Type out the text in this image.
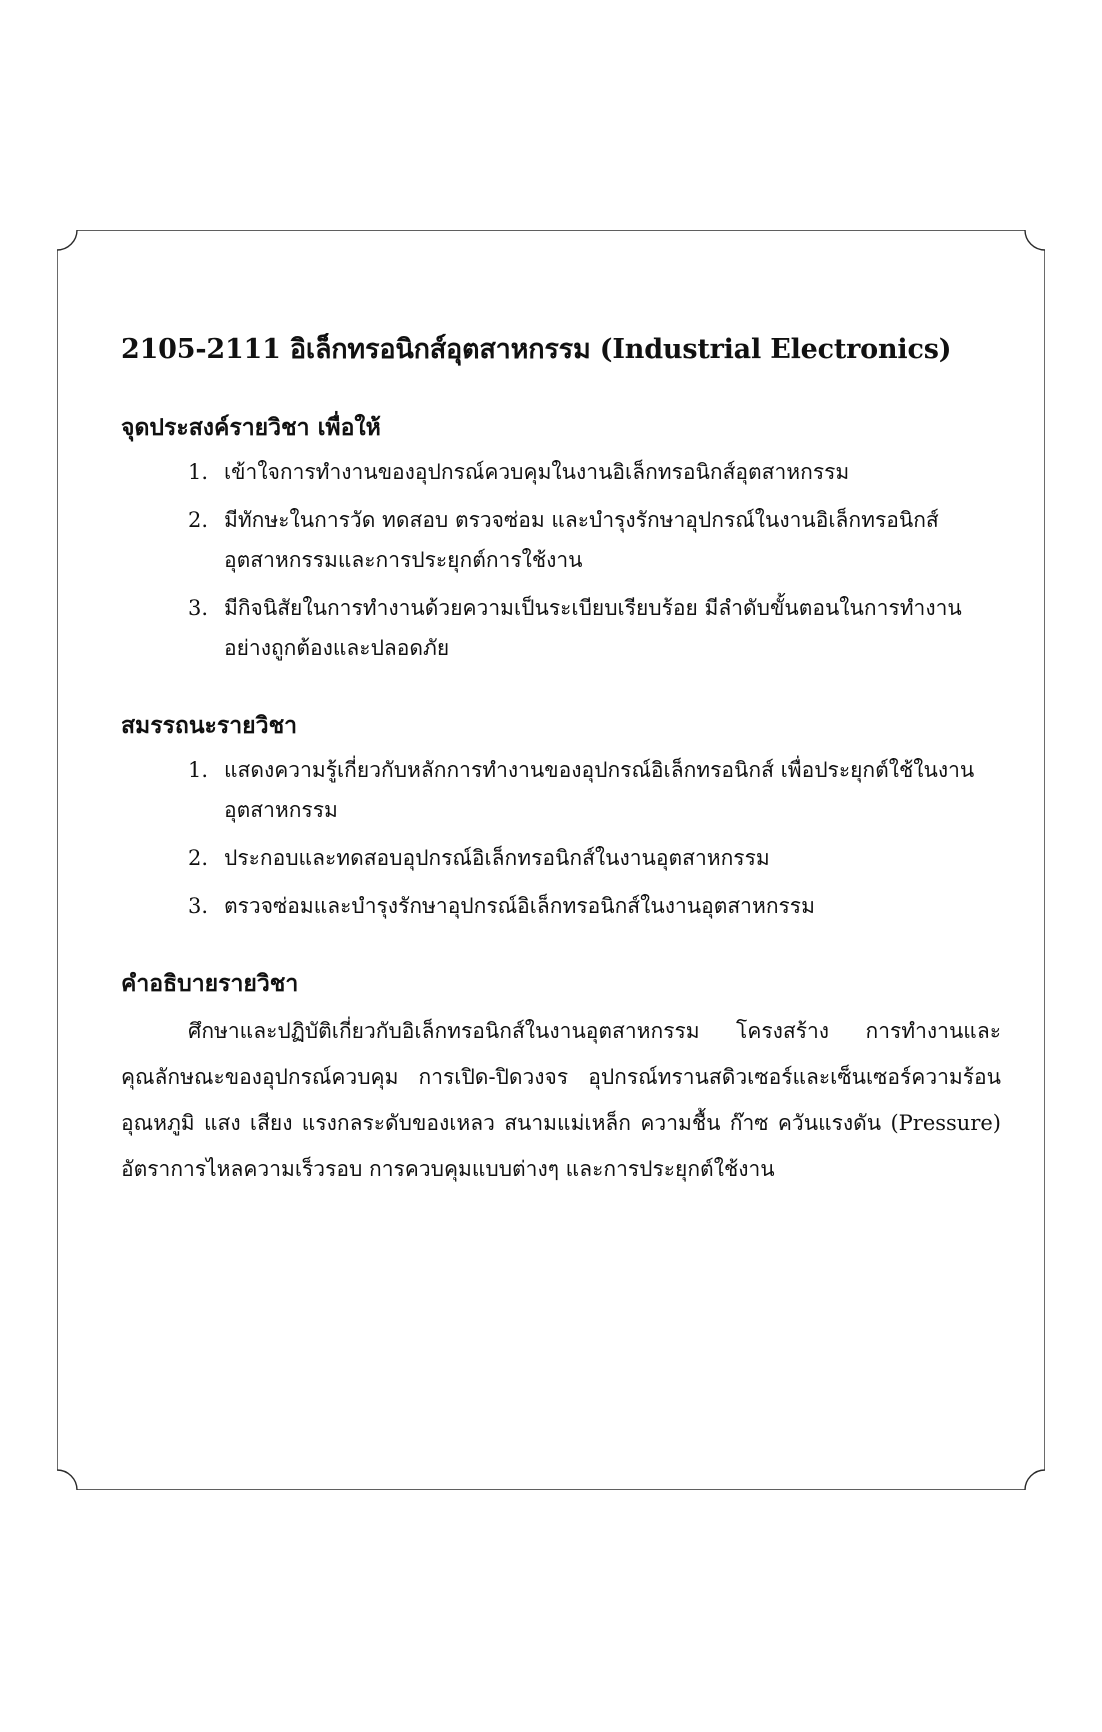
2105-2111 อิเล็กทรอนิกส์อุตสาหกรรม (Industrial Electronics)
จุดประสงค์รายวิชา เพื่อให้
1. เข้าใจการทำงานของอุปกรณ์ควบคุมในงานอิเล็กทรอนิกส์อุตสาหกรรม
2. มีทักษะในการวัด ทดสอบ ตรวจซ่อม และบำรุงรักษาอุปกรณ์ในงานอิเล็กทรอนิกส์อุตสาหกรรมและการประยุกต์การใช้งาน
3. มีกิจนิสัยในการทำงานด้วยความเป็นระเบียบเรียบร้อย มีลำดับขั้นตอนในการทำงานอย่างถูกต้องและปลอดภัย
สมรรถนะรายวิชา
1. แสดงความรู้เกี่ยวกับหลักการทำงานของอุปกรณ์อิเล็กทรอนิกส์ เพื่อประยุกต์ใช้ในงานอุตสาหกรรม
2. ประกอบและทดสอบอุปกรณ์อิเล็กทรอนิกส์ในงานอุตสาหกรรม
3. ตรวจซ่อมและบำรุงรักษาอุปกรณ์อิเล็กทรอนิกส์ในงานอุตสาหกรรม
คำอธิบายรายวิชา

ศึกษาและปฏิบัติเกี่ยวกับอิเล็กทรอนิกส์ในงานอุตสาหกรรม โครงสร้าง การทำงานและคุณลักษณะของอุปกรณ์ควบคุม การเปิด-ปิดวงจร อุปกรณ์ทรานสดิวเซอร์และเซ็นเซอร์ความร้อน อุณหภูมิ แสง เสียง แรงกลระดับของเหลว สนามแม่เหล็ก ความชื้น ก๊าซ ควันแรงดัน (Pressure) อัตราการไหลความเร็วรอบ การควบคุมแบบต่างๆ และการประยุกต์ใช้งาน
